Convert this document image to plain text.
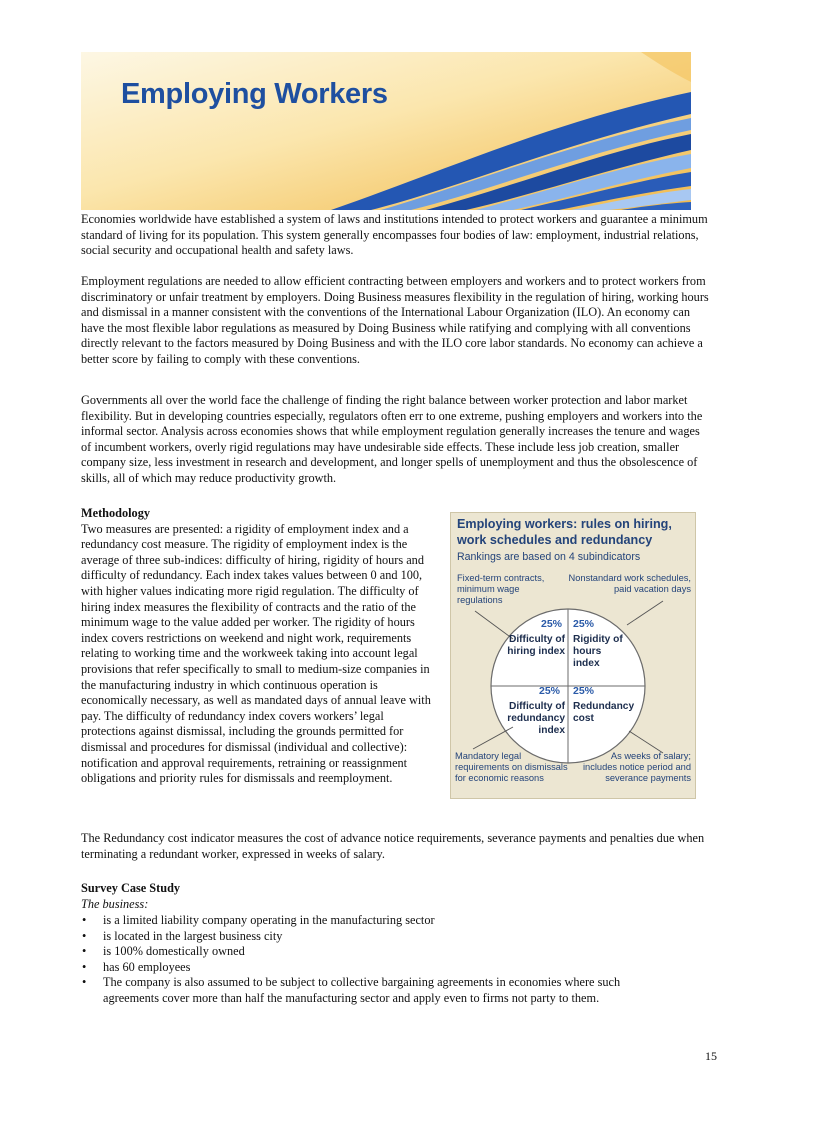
Employing Workers

Economies worldwide have established a system of laws and institutions intended to protect workers and guarantee a minimum standard of living for its population. This system generally encompasses four bodies of law: employment, industrial relations, social security and occupational health and safety laws.

Employment regulations are needed to allow efficient contracting between employers and workers and to protect workers from discriminatory or unfair treatment by employers. Doing Business measures flexibility in the regulation of hiring, working hours and dismissal in a manner consistent with the conventions of the International Labour Organization (ILO). An economy can have the most flexible labor regulations as measured by Doing Business while ratifying and complying with all conventions directly relevant to the factors measured by Doing Business and with the ILO core labor standards. No economy can achieve a better score by failing to comply with these conventions.

Governments all over the world face the challenge of finding the right balance between worker protection and labor market flexibility. But in developing countries especially, regulators often err to one extreme, pushing employers and workers into the informal sector. Analysis across economies shows that while employment regulation generally increases the tenure and wages of incumbent workers, overly rigid regulations may have undesirable side effects. These include less job creation, smaller company size, less investment in research and development, and longer spells of unemployment and thus the obsolescence of skills, all of which may reduce productivity growth.

Methodology

Two measures are presented: a rigidity of employment index and a redundancy cost measure. The rigidity of employment index is the average of three sub-indices: difficulty of hiring, rigidity of hours and difficulty of redundancy. Each index takes values between 0 and 100, with higher values indicating more rigid regulation. The difficulty of hiring index measures the flexibility of contracts and the ratio of the minimum wage to the value added per worker. The rigidity of hours index covers restrictions on weekend and night work, requirements relating to working time and the workweek taking into account legal provisions that refer specifically to small to medium-size companies in the manufacturing industry in which continuous operation is economically necessary, as well as mandated days of annual leave with pay. The difficulty of redundancy index covers workers’ legal protections against dismissal, including the grounds permitted for dismissal and procedures for dismissal (individual and collective): notification and approval requirements, retraining or reassignment obligations and priority rules for dismissals and reemployment.

Employing workers: rules on hiring, work schedules and redundancy
Rankings are based on 4 subindicators
Fixed-term contracts, minimum wage regulations
Nonstandard work schedules, paid vacation days
25%
Difficulty of hiring index
25%
Rigidity of hours index
25%
Difficulty of redundancy index
25%
Redundancy cost
Mandatory legal requirements on dismissals for economic reasons
As weeks of salary; includes notice period and severance payments

The Redundancy cost indicator measures the cost of advance notice requirements, severance payments and penalties due when terminating a redundant worker, expressed in weeks of salary.

Survey Case Study
The business:
• is a limited liability company operating in the manufacturing sector
• is located in the largest business city
• is 100% domestically owned
• has 60 employees
• The company is also assumed to be subject to collective bargaining agreements in economies where such agreements cover more than half the manufacturing sector and apply even to firms not party to them.
15
